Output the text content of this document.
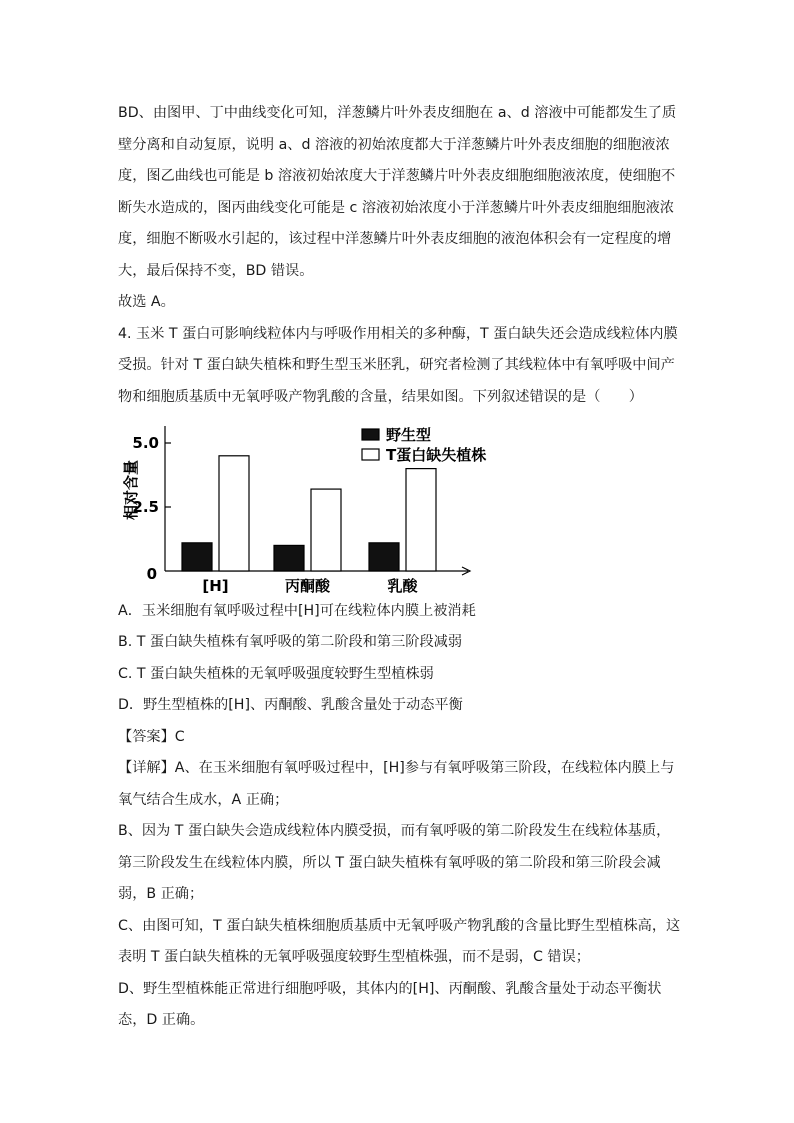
BD、由图甲、丁中曲线变化可知，洋葱鳞片叶外表皮细胞在 a、d 溶液中可能都发生了质
壁分离和自动复原，说明 a、d 溶液的初始浓度都大于洋葱鳞片叶外表皮细胞的细胞液浓
度，图乙曲线也可能是 b 溶液初始浓度大于洋葱鳞片叶外表皮细胞细胞液浓度，使细胞不
断失水造成的，图丙曲线变化可能是 c 溶液初始浓度小于洋葱鳞片叶外表皮细胞细胞液浓
度，细胞不断吸水引起的，该过程中洋葱鳞片叶外表皮细胞的液泡体积会有一定程度的增
大，最后保持不变，BD 错误。
故选 A。
4. 玉米 T 蛋白可影响线粒体内与呼吸作用相关的多种酶，T 蛋白缺失还会造成线粒体内膜
受损。针对 T 蛋白缺失植株和野生型玉米胚乳，研究者检测了其线粒体中有氧呼吸中间产
物和细胞质基质中无氧呼吸产物乳酸的含量，结果如图。下列叙述错误的是（　　）
0
2.5
5.0
[H]	丙酮酸	乳酸
野生型
T蛋白缺失植株
相对含量
A．玉米细胞有氧呼吸过程中[H]可在线粒体内膜上被消耗
B. T 蛋白缺失植株有氧呼吸的第二阶段和第三阶段减弱
C. T 蛋白缺失植株的无氧呼吸强度较野生型植株弱
D．野生型植株的[H]、丙酮酸、乳酸含量处于动态平衡
【答案】C
【详解】A、在玉米细胞有氧呼吸过程中，[H]参与有氧呼吸第三阶段，在线粒体内膜上与
氧气结合生成水，A 正确；
B、因为 T 蛋白缺失会造成线粒体内膜受损，而有氧呼吸的第二阶段发生在线粒体基质，
第三阶段发生在线粒体内膜，所以 T 蛋白缺失植株有氧呼吸的第二阶段和第三阶段会减
弱，B 正确；
C、由图可知，T 蛋白缺失植株细胞质基质中无氧呼吸产物乳酸的含量比野生型植株高，这
表明 T 蛋白缺失植株的无氧呼吸强度较野生型植株强，而不是弱，C 错误；
D、野生型植株能正常进行细胞呼吸，其体内的[H]、丙酮酸、乳酸含量处于动态平衡状
态，D 正确。
